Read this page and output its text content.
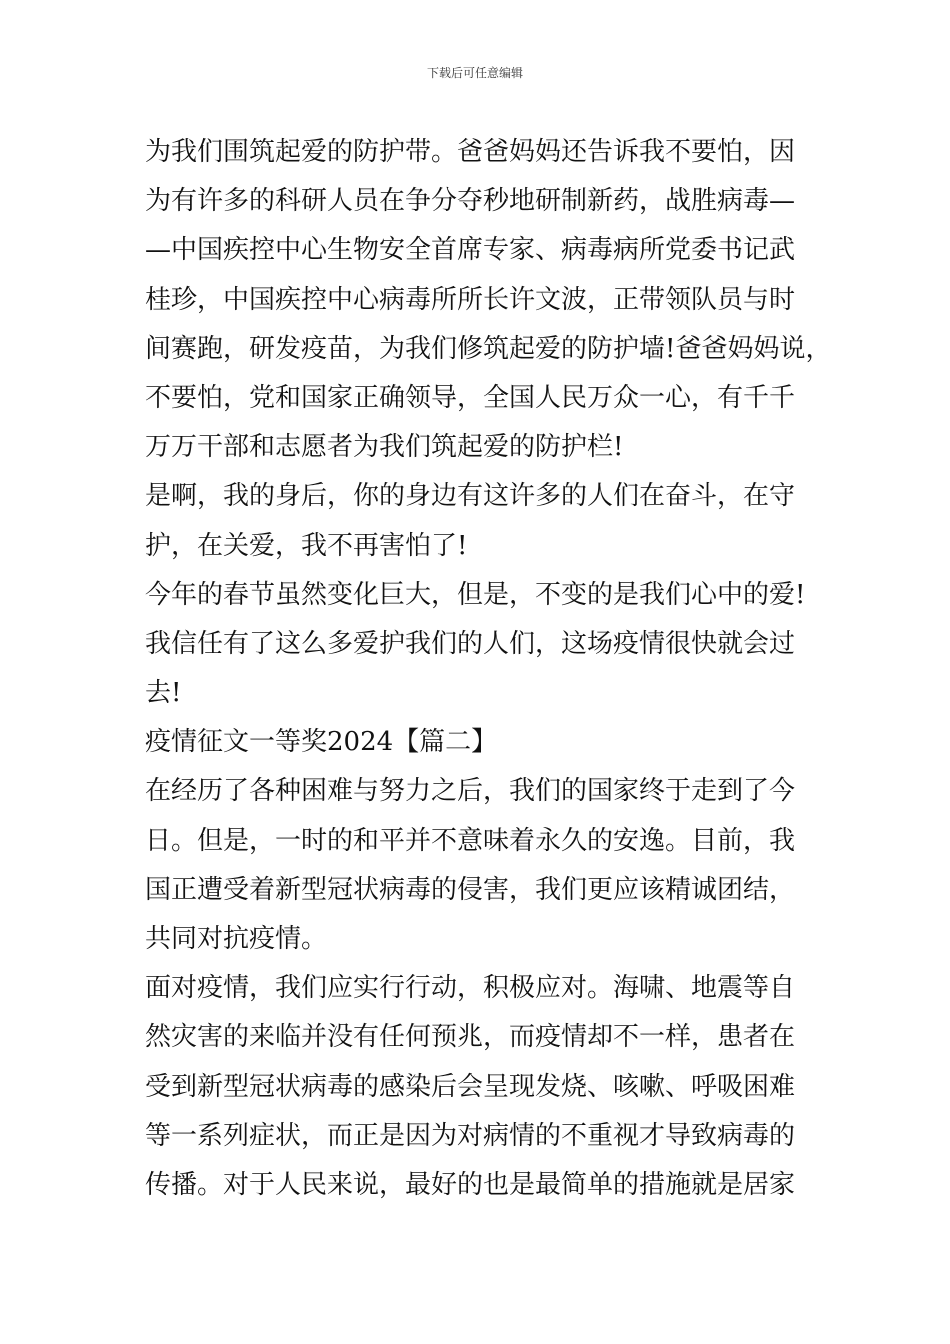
下载后可任意编辑
为我们围筑起爱的防护带。爸爸妈妈还告诉我不要怕，因
为有许多的科研人员在争分夺秒地研制新药，战胜病毒—
—中国疾控中心生物安全首席专家、病毒病所党委书记武
桂珍，中国疾控中心病毒所所长许文波，正带领队员与时
间赛跑，研发疫苗，为我们修筑起爱的防护墙!爸爸妈妈说，
不要怕，党和国家正确领导，全国人民万众一心，有千千
万万干部和志愿者为我们筑起爱的防护栏!
是啊，我的身后，你的身边有这许多的人们在奋斗，在守
护，在关爱，我不再害怕了!
今年的春节虽然变化巨大，但是，不变的是我们心中的爱!
我信任有了这么多爱护我们的人们，这场疫情很快就会过
去!
疫情征文一等奖2024【篇二】
在经历了各种困难与努力之后，我们的国家终于走到了今
日。但是，一时的和平并不意味着永久的安逸。目前，我
国正遭受着新型冠状病毒的侵害，我们更应该精诚团结，
共同对抗疫情。
面对疫情，我们应实行行动，积极应对。海啸、地震等自
然灾害的来临并没有任何预兆，而疫情却不一样，患者在
受到新型冠状病毒的感染后会呈现发烧、咳嗽、呼吸困难
等一系列症状，而正是因为对病情的不重视才导致病毒的
传播。对于人民来说，最好的也是最简单的措施就是居家
